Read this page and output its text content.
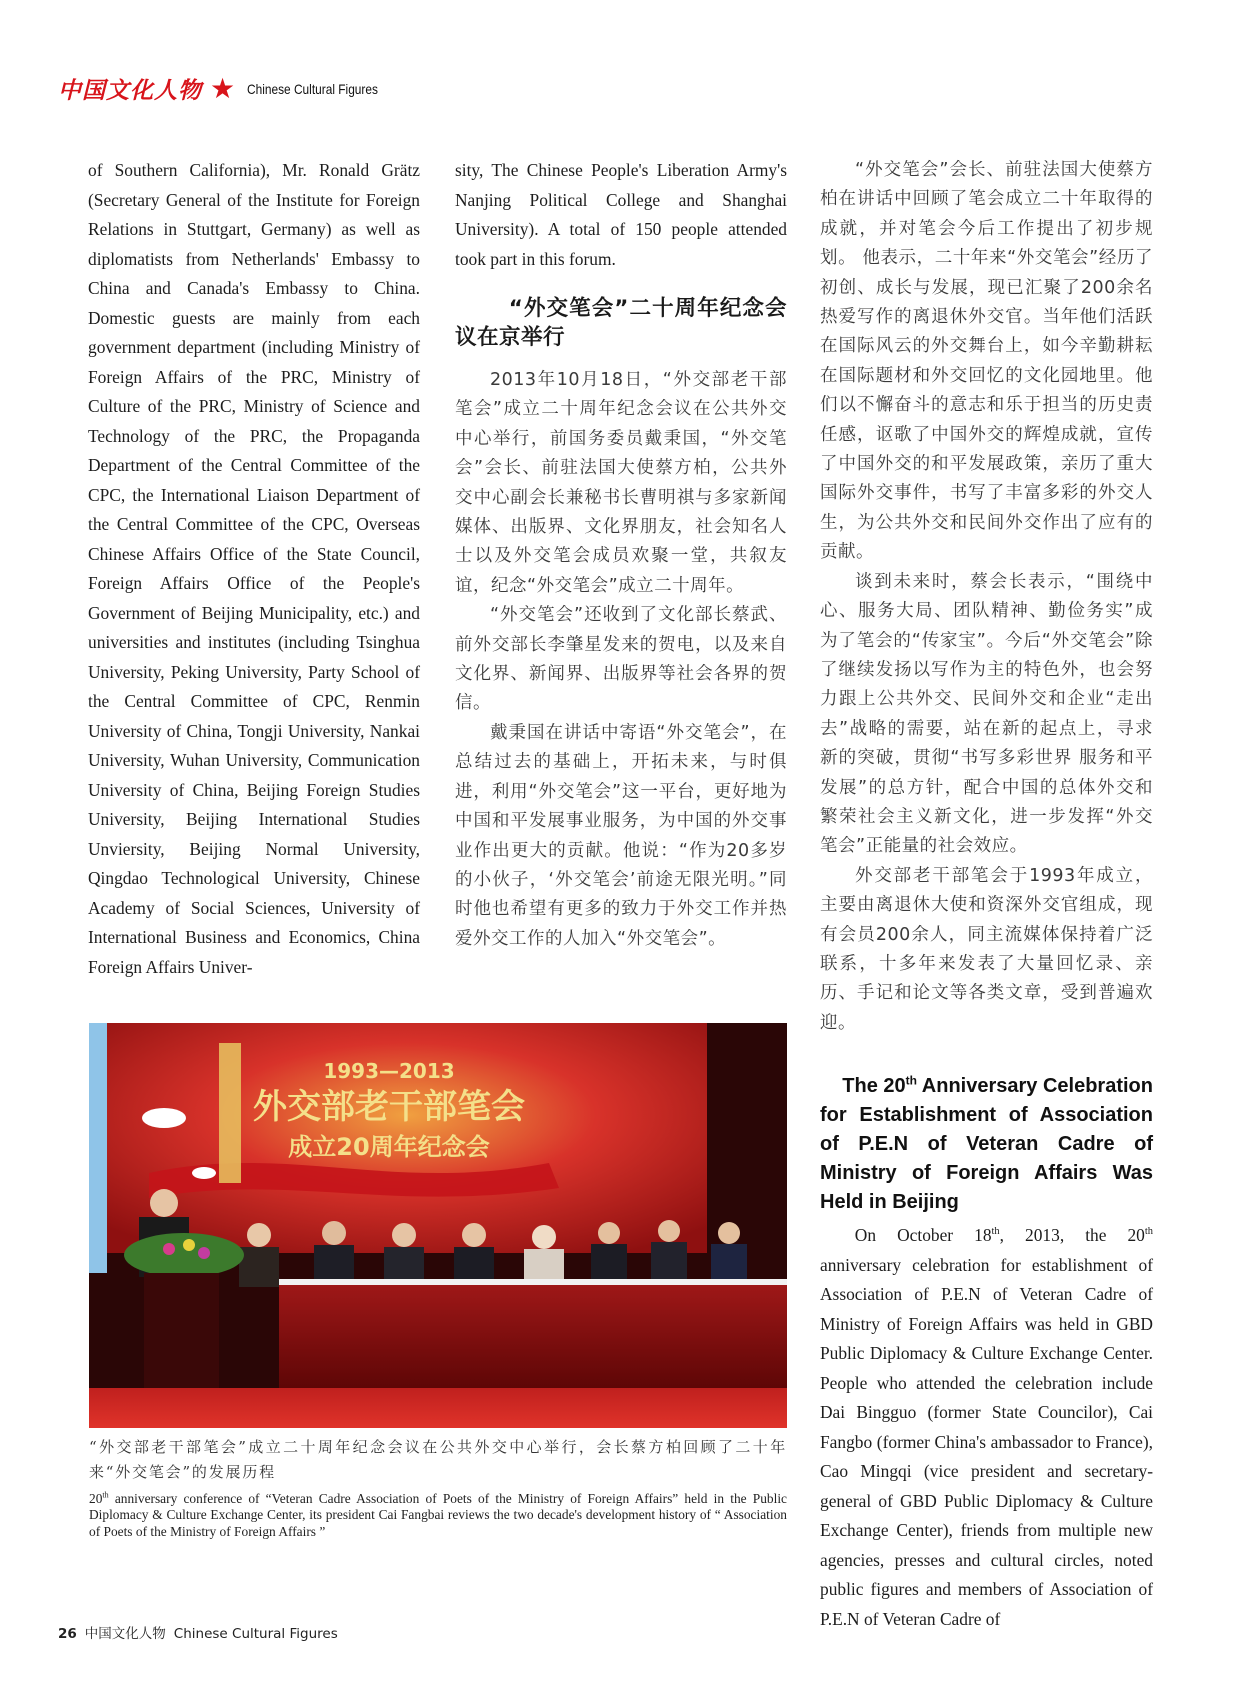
中国文化人物 ★ Chinese Cultural Figures

of Southern California), Mr. Ronald Grätz (Secretary General of the Institute for Foreign Relations in Stuttgart, Germany) as well as diplomatists from Netherlands' Embassy to China and Canada's Embassy to China. Domestic guests are mainly from each government department (including Ministry of Foreign Affairs of the PRC, Ministry of Culture of the PRC, Ministry of Science and Technology of the PRC, the Propaganda Department of the Central Committee of the CPC, the International Liaison Department of the Central Committee of the CPC, Overseas Chinese Affairs Office of the State Council, Foreign Affairs Office of the People's Government of Beijing Municipality, etc.) and universities and institutes (including Tsinghua University, Peking University, Party School of the Central Committee of CPC, Renmin University of China, Tongji University, Nankai University, Wuhan University, Communication University of China, Beijing Foreign Studies University, Beijing International Studies Unviersity, Beijing Normal University, Qingdao Technological University, Chinese Academy of Social Sciences, University of International Business and Economics, China Foreign Affairs Univer-

sity, The Chinese People's Liberation Army's Nanjing Political College and Shanghai University). A total of 150 people attended took part in this forum.

“外交笔会”二十周年纪念会议在京举行

2013年10月18日，“外交部老干部笔会”成立二十周年纪念会议在公共外交中心举行，前国务委员戴秉国，“外交笔会”会长、前驻法国大使蔡方柏，公共外交中心副会长兼秘书长曹明祺与多家新闻媒体、出版界、文化界朋友，社会知名人士以及外交笔会成员欢聚一堂，共叙友谊，纪念“外交笔会”成立二十周年。

“外交笔会”还收到了文化部长蔡武、前外交部长李肇星发来的贺电，以及来自文化界、新闻界、出版界等社会各界的贺信。

戴秉国在讲话中寄语“外交笔会”，在总结过去的基础上，开拓未来，与时俱进，利用“外交笔会”这一平台，更好地为中国和平发展事业服务，为中国的外交事业作出更大的贡献。他说：“作为20多岁的小伙子，‘外交笔会’前途无限光明。”同时他也希望有更多的致力于外交工作并热爱外交工作的人加入“外交笔会”。

“外交笔会”会长、前驻法国大使蔡方柏在讲话中回顾了笔会成立二十年取得的成就，并对笔会今后工作提出了初步规划。 他表示，二十年来“外交笔会”经历了初创、成长与发展，现已汇聚了200余名热爱写作的离退休外交官。当年他们活跃在国际风云的外交舞台上，如今辛勤耕耘在国际题材和外交回忆的文化园地里。他们以不懈奋斗的意志和乐于担当的历史责任感，讴歌了中国外交的辉煌成就，宣传了中国外交的和平发展政策，亲历了重大国际外交事件，书写了丰富多彩的外交人生，为公共外交和民间外交作出了应有的贡献。

谈到未来时，蔡会长表示，“围绕中心、服务大局、团队精神、勤俭务实”成为了笔会的“传家宝”。今后“外交笔会”除了继续发扬以写作为主的特色外，也会努力跟上公共外交、民间外交和企业“走出去”战略的需要，站在新的起点上，寻求新的突破，贯彻“书写多彩世界 服务和平发展”的总方针，配合中国的总体外交和繁荣社会主义新文化，进一步发挥“外交笔会”正能量的社会效应。

外交部老干部笔会于1993年成立，主要由离退休大使和资深外交官组成，现有会员200余人，同主流媒体保持着广泛联系，十多年来发表了大量回忆录、亲历、手记和论文等各类文章，受到普遍欢迎。

The 20th Anniversary Celebration
for Establishment of Association of P.E.N of Veteran Cadre of Ministry of Foreign Affairs Was Held in Beijing

On October 18th, 2013, the 20th anniversary celebration for establishment of Association of P.E.N of Veteran Cadre of Ministry of Foreign Affairs was held in GBD Public Diplomacy & Culture Exchange Center. People who attended the celebration include Dai Bingguo (former State Councilor), Cai Fangbo (former China's ambassador to France), Cao Mingqi (vice president and secretary-general of GBD Public Diplomacy & Culture Exchange Center), friends from multiple new agencies, presses and cultural circles, noted public figures and members of Association of P.E.N of Veteran Cadre of

1993—2013
外交部老干部笔会
成立20周年纪念会

“外交部老干部笔会”成立二十周年纪念会议在公共外交中心举行，会长蔡方柏回顾了二十年来“外交笔会”的发展历程

20th anniversary conference of “Veteran Cadre Association of Poets of the Ministry of Foreign Affairs” held in the Public Diplomacy & Culture Exchange Center, its president Cai Fangbai reviews the two decade's development history of “ Association of Poets of the Ministry of Foreign Affairs ”

26 中国文化人物 Chinese Cultural Figures
